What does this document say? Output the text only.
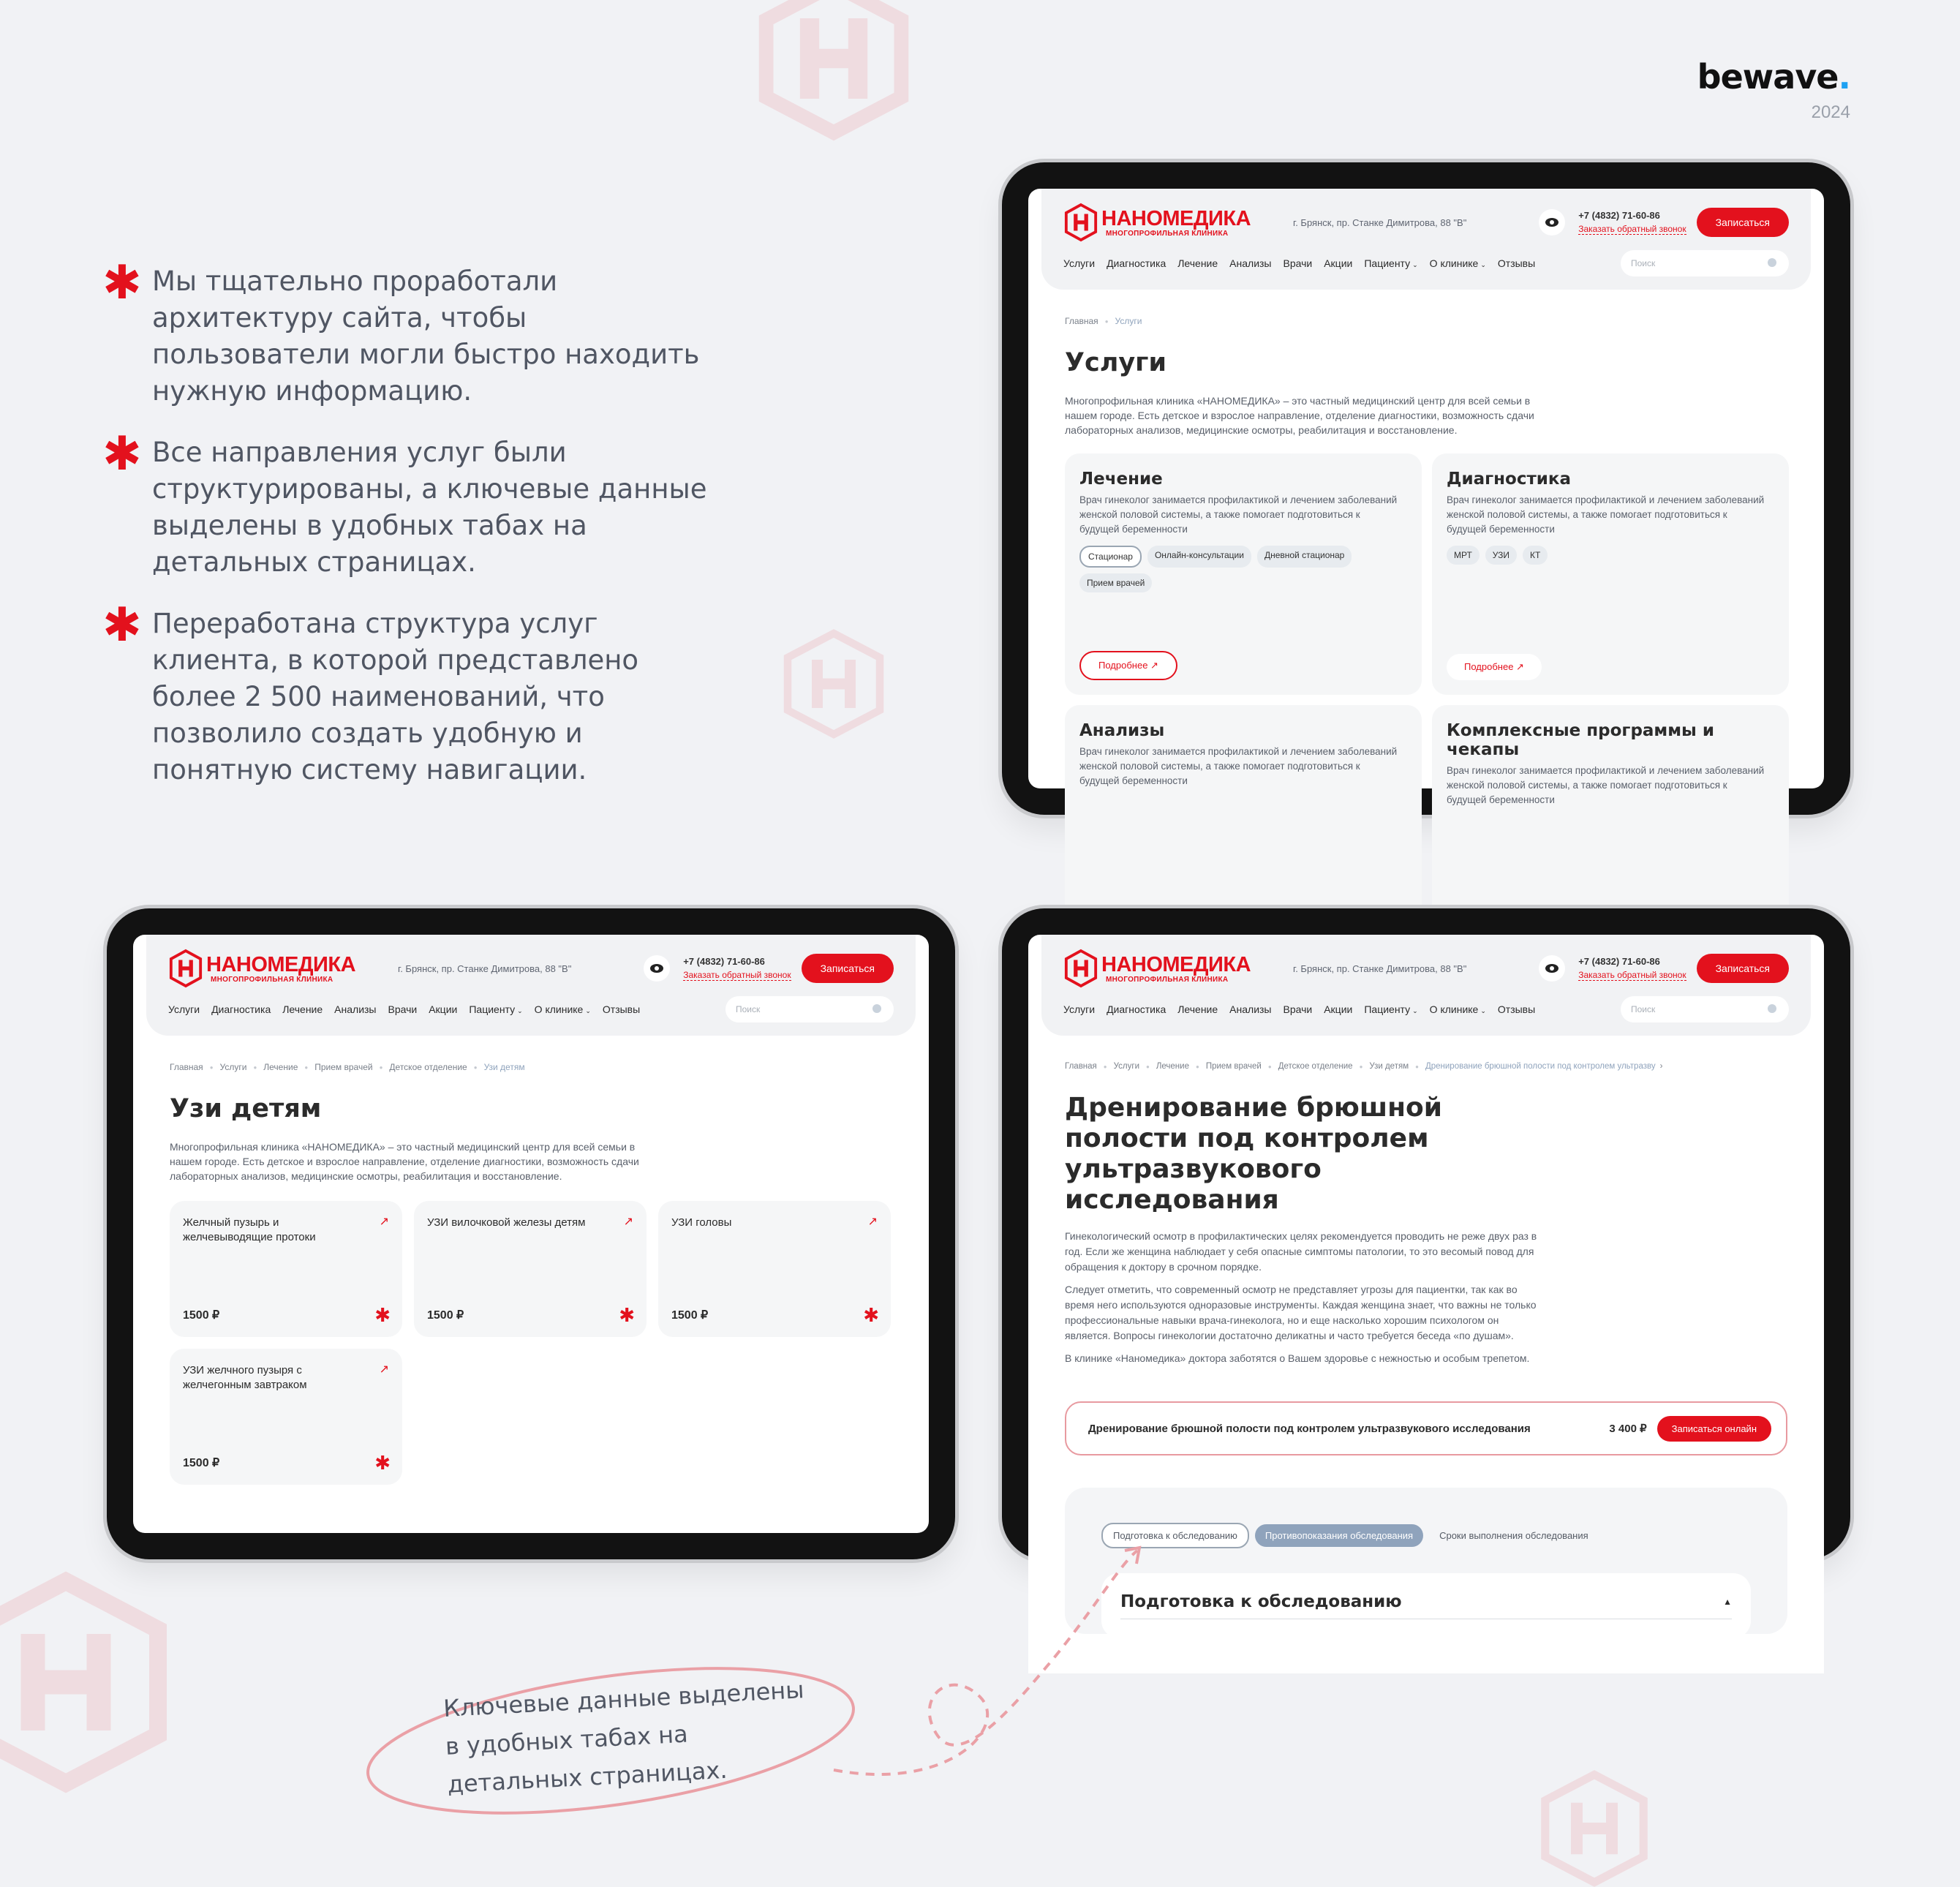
bewave.
2024
✱ Мы тщательно проработали архитектуру сайта, чтобы пользователи могли быстро находить нужную информацию.

✱ Все направления услуг были структурированы, а ключевые данные выделены в удобных табах на детальных страницах.

✱ Переработана структура услуг клиента, в которой представлено более 2 500 наименований, что позволило создать удобную и понятную систему навигации.

НАНОМЕДИКА
МНОГОПРОФИЛЬНАЯ КЛИНИКА
г. Брянск, пр. Станке Димитрова, 88 "В"
+7 (4832) 71-60-86
Заказать обратный звонок
Записаться
Услуги Диагностика Лечение Анализы Врачи Акции Пациенту ⌄ О клинике ⌄ Отзывы	Поиск
Главная ● Услуги
Услуги
Многопрофильная клиника «НАНОМЕДИКА» – это частный медицинский центр для всей семьи в нашем городе. Есть детское и взрослое направление, отделение диагностики, возможность сдачи лабораторных анализов, медицинские осмотры, реабилитация и восстановление.
Лечение
Врач гинеколог занимается профилактикой и лечением заболеваний женской половой системы, а также помогает подготовиться к будущей беременности
Стационар	Онлайн-консультации	Дневной стационар
Прием врачей
Подробнее ↗
Диагностика
Врач гинеколог занимается профилактикой и лечением заболеваний женской половой системы, а также помогает подготовиться к будущей беременности
МРТ	УЗИ	КТ
Подробнее ↗
Анализы
Врач гинеколог занимается профилактикой и лечением заболеваний женской половой системы, а также помогает подготовиться к будущей беременности
Комплексные программы и чекапы
Врач гинеколог занимается профилактикой и лечением заболеваний женской половой системы, а также помогает подготовиться к будущей беременности
НАНОМЕДИКА
МНОГОПРОФИЛЬНАЯ КЛИНИКА
г. Брянск, пр. Станке Димитрова, 88 "В"
+7 (4832) 71-60-86
Заказать обратный звонок
Записаться
Услуги Диагностика Лечение Анализы Врачи Акции Пациенту ⌄ О клинике ⌄ Отзывы	Поиск
Главная ● Услуги ● Лечение ● Прием врачей ● Детское отделение ● Узи детям
Узи детям
Многопрофильная клиника «НАНОМЕДИКА» – это частный медицинский центр для всей семьи в нашем городе. Есть детское и взрослое направление, отделение диагностики, возможность сдачи лабораторных анализов, медицинские осмотры, реабилитация и восстановление.
Желчный пузырь и желчевыводящие протоки
↗
1500 ₽	✱
УЗИ вилочковой железы детям	↗
1500 ₽	✱
УЗИ головы	↗
1500 ₽	✱
УЗИ желчного пузыря с желчегонным завтраком
↗
1500 ₽	✱
НАНОМЕДИКА
МНОГОПРОФИЛЬНАЯ КЛИНИКА
г. Брянск, пр. Станке Димитрова, 88 "В"
+7 (4832) 71-60-86
Заказать обратный звонок
Записаться
Услуги Диагностика Лечение Анализы Врачи Акции Пациенту ⌄ О клинике ⌄ Отзывы	Поиск
Главная ● Услуги ● Лечение ● Прием врачей ● Детское отделение ● Узи детям ● Дренирование брюшной полости под контролем ультразву ›
Дренирование брюшной полости под контролем ультразвукового исследования
Гинекологический осмотр в профилактических целях рекомендуется проводить не реже двух раз в год. Если же женщина наблюдает у себя опасные симптомы патологии, то это весомый повод для обращения к доктору в срочном порядке.
Следует отметить, что современный осмотр не представляет угрозы для пациентки, так как во время него используются одноразовые инструменты. Каждая женщина знает, что важны не только профессиональные навыки врача-гинеколога, но и еще насколько хорошим психологом он является. Вопросы гинекологии достаточно деликатны и часто требуется беседа «по душам».
В клинике «Наномедика» доктора заботятся о Вашем здоровье с нежностью и особым трепетом.
Дренирование брюшной полости под контролем ультразвукового исследования	3 400 ₽	Записаться онлайн
Подготовка к обследованию	Противопоказания обследования	Сроки выполнения обследования
Подготовка к обследованию	▲
Ключевые данные выделены в удобных табах на детальных страницах.
